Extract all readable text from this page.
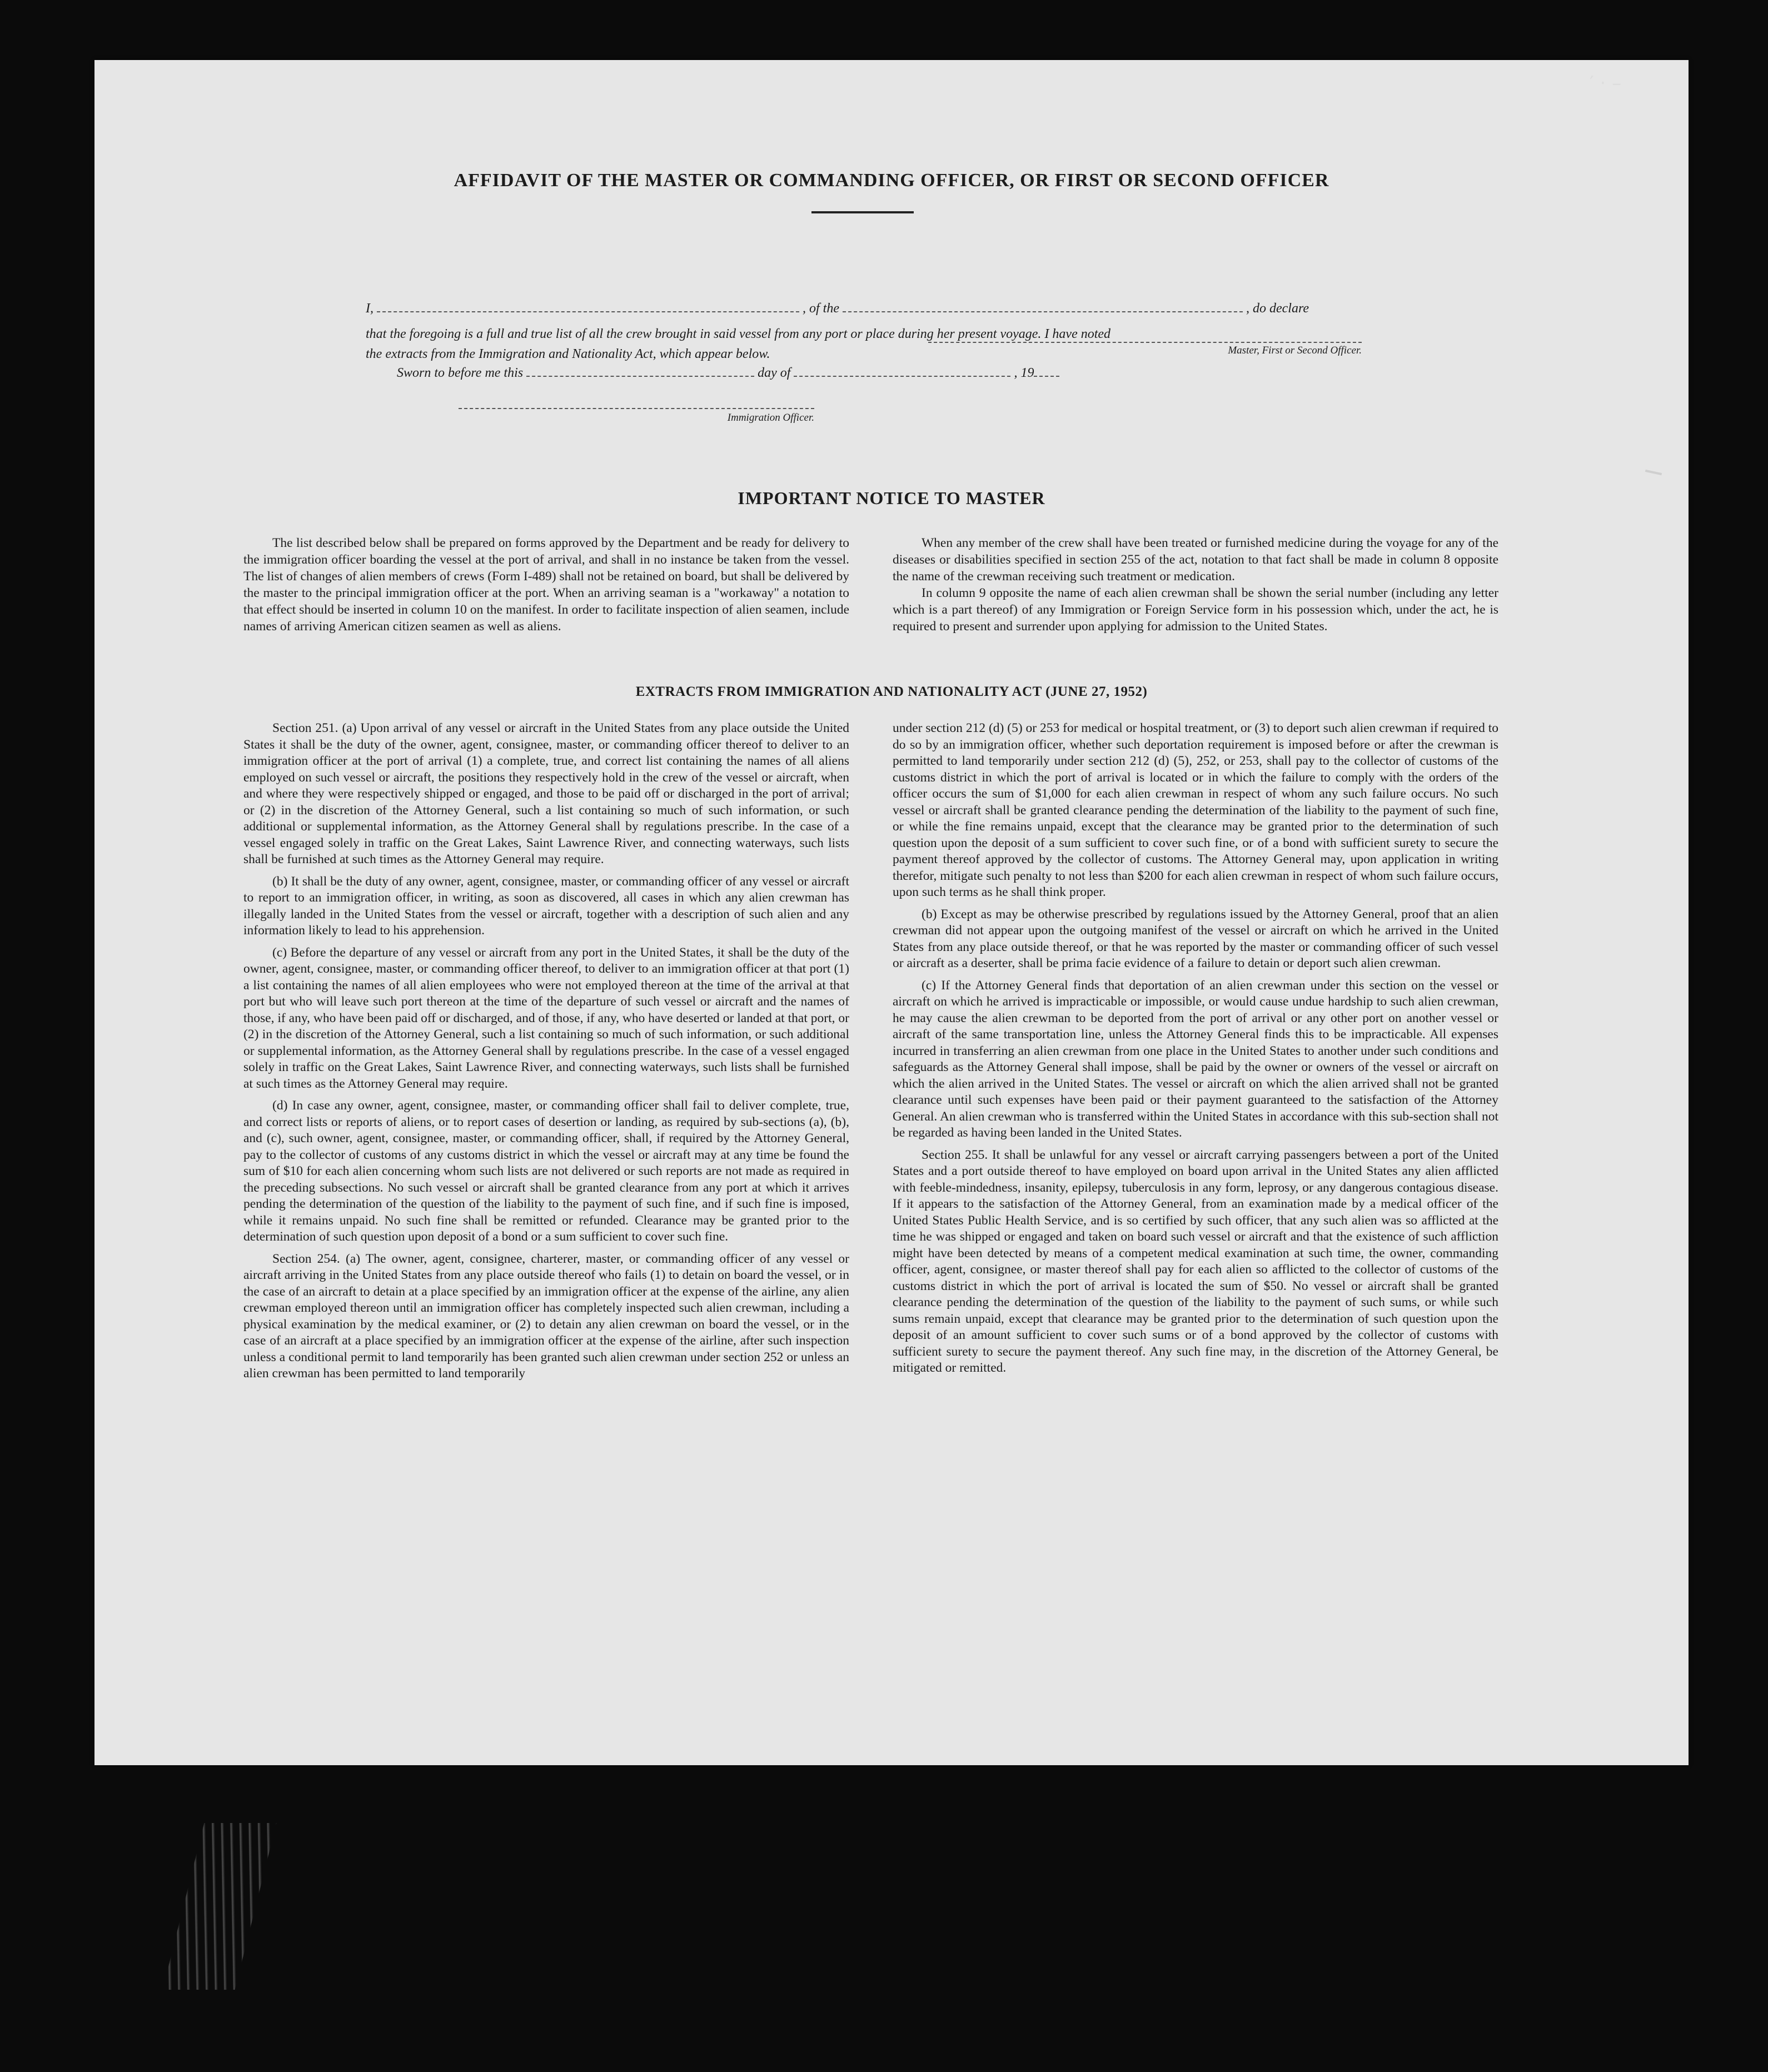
AFFIDAVIT OF THE MASTER OR COMMANDING OFFICER, OR FIRST OR SECOND OFFICER
I,	, of the	, do declare
that the foregoing is a full and true list of all the crew brought in said vessel from any port or place during her present voyage. I have noted
the extracts from the Immigration and Nationality Act, which appear below.	Master, First or Second Officer.
Sworn to before me this	day of	, 19
Immigration Officer.
IMPORTANT NOTICE TO MASTER

The list described below shall be prepared on forms approved by the Department and be ready for delivery to the immigration officer boarding the vessel at the port of arrival, and shall in no instance be taken from the vessel. The list of changes of alien members of crews (Form I-489) shall not be retained on board, but shall be delivered by the master to the principal immigration officer at the port. When an arriving seaman is a "workaway" a notation to that effect should be inserted in column 10 on the manifest. In order to facilitate inspection of alien seamen, include names of arriving American citizen seamen as well as aliens.

When any member of the crew shall have been treated or furnished medicine during the voyage for any of the diseases or disabilities specified in section 255 of the act, notation to that fact shall be made in column 8 opposite the name of the crewman receiving such treatment or medication.

In column 9 opposite the name of each alien crewman shall be shown the serial number (including any letter which is a part thereof) of any Immigration or Foreign Service form in his possession which, under the act, he is required to present and surrender upon applying for admission to the United States.

EXTRACTS FROM IMMIGRATION AND NATIONALITY ACT (JUNE 27, 1952)

Section 251. (a) Upon arrival of any vessel or aircraft in the United States from any place outside the United States it shall be the duty of the owner, agent, consignee, master, or commanding officer thereof to deliver to an immigration officer at the port of arrival (1) a complete, true, and correct list containing the names of all aliens employed on such vessel or aircraft, the positions they respectively hold in the crew of the vessel or aircraft, when and where they were respectively shipped or engaged, and those to be paid off or discharged in the port of arrival; or (2) in the discretion of the Attorney General, such a list containing so much of such information, or such additional or supplemental information, as the Attorney General shall by regulations prescribe. In the case of a vessel engaged solely in traffic on the Great Lakes, Saint Lawrence River, and connecting waterways, such lists shall be furnished at such times as the Attorney General may require.

(b) It shall be the duty of any owner, agent, consignee, master, or commanding officer of any vessel or aircraft to report to an immigration officer, in writing, as soon as discovered, all cases in which any alien crewman has illegally landed in the United States from the vessel or aircraft, together with a description of such alien and any information likely to lead to his apprehension.

(c) Before the departure of any vessel or aircraft from any port in the United States, it shall be the duty of the owner, agent, consignee, master, or commanding officer thereof, to deliver to an immigration officer at that port (1) a list containing the names of all alien employees who were not employed thereon at the time of the arrival at that port but who will leave such port thereon at the time of the departure of such vessel or aircraft and the names of those, if any, who have been paid off or discharged, and of those, if any, who have deserted or landed at that port, or (2) in the discretion of the Attorney General, such a list containing so much of such information, or such additional or supplemental information, as the Attorney General shall by regulations prescribe. In the case of a vessel engaged solely in traffic on the Great Lakes, Saint Lawrence River, and connecting waterways, such lists shall be furnished at such times as the Attorney General may require.

(d) In case any owner, agent, consignee, master, or commanding officer shall fail to deliver complete, true, and correct lists or reports of aliens, or to report cases of desertion or landing, as required by sub-sections (a), (b), and (c), such owner, agent, consignee, master, or commanding officer, shall, if required by the Attorney General, pay to the collector of customs of any customs district in which the vessel or aircraft may at any time be found the sum of $10 for each alien concerning whom such lists are not delivered or such reports are not made as required in the preceding subsections. No such vessel or aircraft shall be granted clearance from any port at which it arrives pending the determination of the question of the liability to the payment of such fine, and if such fine is imposed, while it remains unpaid. No such fine shall be remitted or refunded. Clearance may be granted prior to the determination of such question upon deposit of a bond or a sum sufficient to cover such fine.

Section 254. (a) The owner, agent, consignee, charterer, master, or commanding officer of any vessel or aircraft arriving in the United States from any place outside thereof who fails (1) to detain on board the vessel, or in the case of an aircraft to detain at a place specified by an immigration officer at the expense of the airline, any alien crewman employed thereon until an immigration officer has completely inspected such alien crewman, including a physical examination by the medical examiner, or (2) to detain any alien crewman on board the vessel, or in the case of an aircraft at a place specified by an immigration officer at the expense of the airline, after such inspection unless a conditional permit to land temporarily has been granted such alien crewman under section 252 or unless an alien crewman has been permitted to land temporarily

under section 212 (d) (5) or 253 for medical or hospital treatment, or (3) to deport such alien crewman if required to do so by an immigration officer, whether such deportation requirement is imposed before or after the crewman is permitted to land temporarily under section 212 (d) (5), 252, or 253, shall pay to the collector of customs of the customs district in which the port of arrival is located or in which the failure to comply with the orders of the officer occurs the sum of $1,000 for each alien crewman in respect of whom any such failure occurs. No such vessel or aircraft shall be granted clearance pending the determination of the liability to the payment of such fine, or while the fine remains unpaid, except that the clearance may be granted prior to the determination of such question upon the deposit of a sum sufficient to cover such fine, or of a bond with sufficient surety to secure the payment thereof approved by the collector of customs. The Attorney General may, upon application in writing therefor, mitigate such penalty to not less than $200 for each alien crewman in respect of whom such failure occurs, upon such terms as he shall think proper.

(b) Except as may be otherwise prescribed by regulations issued by the Attorney General, proof that an alien crewman did not appear upon the outgoing manifest of the vessel or aircraft on which he arrived in the United States from any place outside thereof, or that he was reported by the master or commanding officer of such vessel or aircraft as a deserter, shall be prima facie evidence of a failure to detain or deport such alien crewman.

(c) If the Attorney General finds that deportation of an alien crewman under this section on the vessel or aircraft on which he arrived is impracticable or impossible, or would cause undue hardship to such alien crewman, he may cause the alien crewman to be deported from the port of arrival or any other port on another vessel or aircraft of the same transportation line, unless the Attorney General finds this to be impracticable. All expenses incurred in transferring an alien crewman from one place in the United States to another under such conditions and safeguards as the Attorney General shall impose, shall be paid by the owner or owners of the vessel or aircraft on which the alien arrived in the United States. The vessel or aircraft on which the alien arrived shall not be granted clearance until such expenses have been paid or their payment guaranteed to the satisfaction of the Attorney General. An alien crewman who is transferred within the United States in accordance with this sub-section shall not be regarded as having been landed in the United States.

Section 255. It shall be unlawful for any vessel or aircraft carrying passengers between a port of the United States and a port outside thereof to have employed on board upon arrival in the United States any alien afflicted with feeble-mindedness, insanity, epilepsy, tuberculosis in any form, leprosy, or any dangerous contagious disease. If it appears to the satisfaction of the Attorney General, from an examination made by a medical officer of the United States Public Health Service, and is so certified by such officer, that any such alien was so afflicted at the time he was shipped or engaged and taken on board such vessel or aircraft and that the existence of such affliction might have been detected by means of a competent medical examination at such time, the owner, commanding officer, agent, consignee, or master thereof shall pay for each alien so afflicted to the collector of customs of the customs district in which the port of arrival is located the sum of $50. No vessel or aircraft shall be granted clearance pending the determination of the question of the liability to the payment of such sums, or while such sums remain unpaid, except that clearance may be granted prior to the determination of such question upon the deposit of an amount sufficient to cover such sums or of a bond approved by the collector of customs with sufficient surety to secure the payment thereof. Any such fine may, in the discretion of the Attorney General, be mitigated or remitted.

′ ⋅ –
